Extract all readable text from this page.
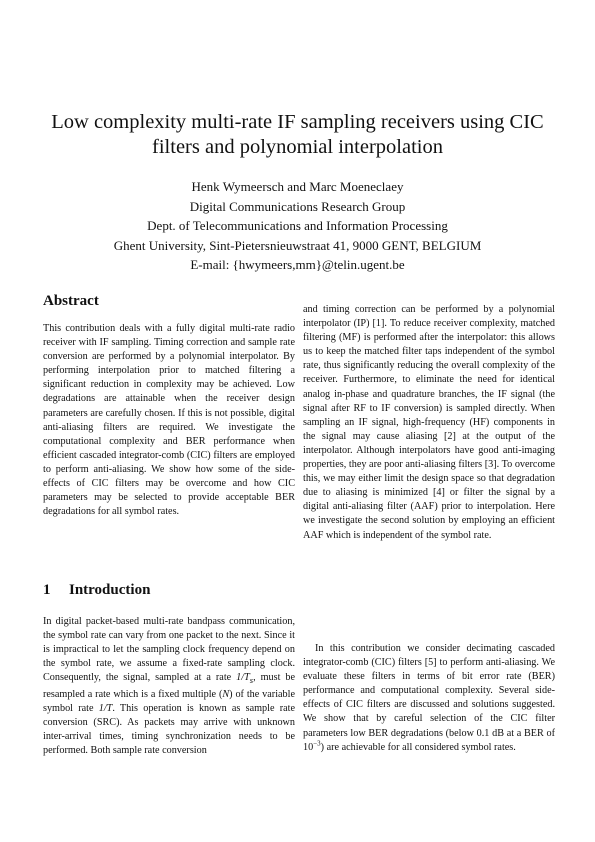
Low complexity multi-rate IF sampling receivers using CIC
filters and polynomial interpolation
Henk Wymeersch and Marc Moeneclaey
Digital Communications Research Group
Dept. of Telecommunications and Information Processing
Ghent University, Sint-Pietersnieuwstraat 41, 9000 GENT, BELGIUM
E-mail: {hwymeers,mm}@telin.ugent.be
Abstract

This contribution deals with a fully digital multi-rate radio receiver with IF sampling. Timing correction and sample rate conversion are performed by a polynomial interpolator. By performing interpolation prior to matched filtering a significant reduction in complexity may be achieved. Low degradations are attainable when the receiver design parameters are carefully chosen. If this is not possible, digital anti-aliasing filters are required. We investigate the computational complexity and BER performance when efficient cascaded integrator-comb (CIC) filters are employed to perform anti-aliasing. We show how some of the side-effects of CIC filters may be overcome and how CIC parameters may be selected to provide acceptable BER degradations for all symbol rates.

1 Introduction

In digital packet-based multi-rate bandpass communication, the symbol rate can vary from one packet to the next. Since it is impractical to let the sampling clock frequency depend on the symbol rate, we assume a fixed-rate sampling clock. Consequently, the signal, sampled at a rate $1/T_s$, must be resampled a rate which is a fixed multiple (N) of the variable symbol rate 1/T. This operation is known as sample rate conversion (SRC). As packets may arrive with unknown inter-arrival times, timing synchronization needs to be performed. Both sample rate conversion

and timing correction can be performed by a polynomial interpolator (IP) [1]. To reduce receiver complexity, matched filtering (MF) is performed after the interpolator: this allows us to keep the matched filter taps independent of the symbol rate, thus significantly reducing the overall complexity of the receiver. Furthermore, to eliminate the need for identical analog in-phase and quadrature branches, the IF signal (the signal after RF to IF conversion) is sampled directly. When sampling an IF signal, high-frequency (HF) components in the signal may cause aliasing [2] at the output of the interpolator. Although interpolators have good anti-imaging properties, they are poor anti-aliasing filters [3]. To overcome this, we may either limit the design space so that degradation due to aliasing is minimized [4] or filter the signal by a digital anti-aliasing filter (AAF) prior to interpolation. Here we investigate the second solution by employing an efficient AAF which is independent of the symbol rate.

In this contribution we consider decimating cascaded integrator-comb (CIC) filters [5] to perform anti-aliasing. We evaluate these filters in terms of bit error rate (BER) performance and computational complexity. Several side-effects of CIC filters are discussed and solutions suggested. We show that by careful selection of the CIC filter parameters low BER degradations (below 0.1 dB at a BER of $10^{-3}$) are achievable for all considered symbol rates.
